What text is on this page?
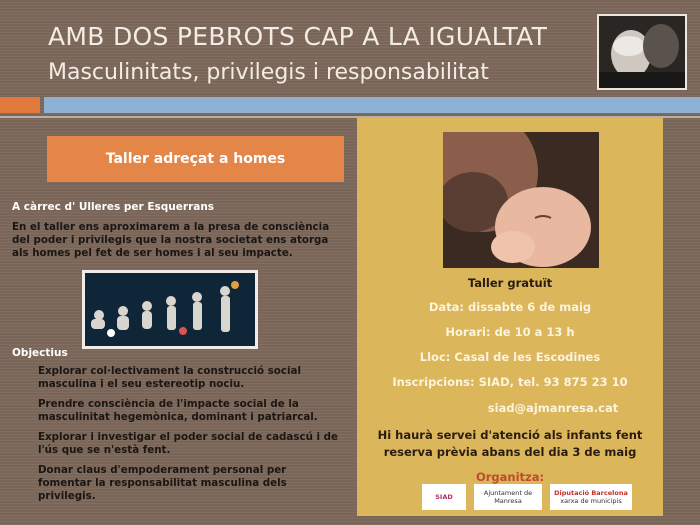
AMB DOS PEBROTS CAP A LA IGUALTAT
Masculinitats, privilegis i responsabilitat
Taller adreçat a homes
A càrrec d' Ulleres per Esquerrans
En el taller ens aproximarem a la presa de consciència del poder i privilegis que la nostra societat ens atorga als homes pel fet de ser homes i al seu impacte.
Objectius
Explorar col·lectivament la construcció social masculina i el seu estereotip nociu.
Prendre consciència de l'impacte social de la masculinitat hegemònica, dominant i patriarcal.
Explorar i investigar el poder social de cadascú i de l'ús que se n'està fent.
Donar claus d'empoderament personal per fomentar la responsabilitat masculina dels privilegis.
Taller gratuït
Data: dissabte 6 de maig
Horari: de 10 a 13 h
Lloc: Casal de les Escodines
Inscripcions: SIAD, tel. 93 875 23 10
siad@ajmanresa.cat
Hi haurà servei d'atenció als infants fent reserva prèvia abans del dia 3 de maig
Organitza:
SIAD	Ajuntament de Manresa
Diputació Barcelona
xarxa de municipis
